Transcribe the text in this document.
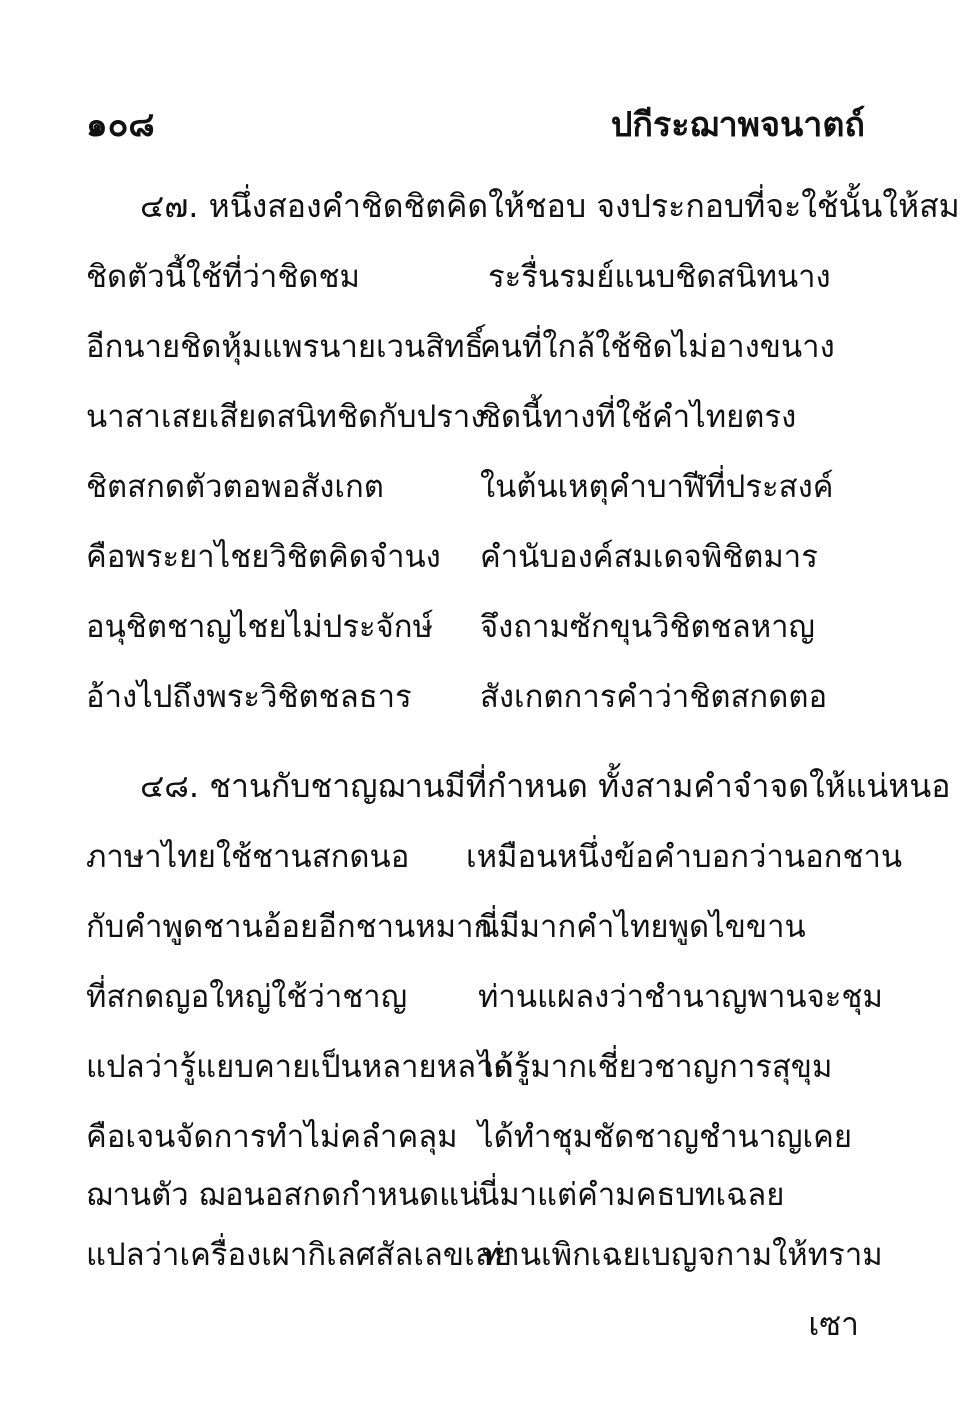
๑๐๘	ปกีระฌาพจนาตถ์
๔๗. หนึ่งสองคำชิดชิตคิดให้ชอบ จงประกอบที่จะใช้นั้นให้สม
ชิดตัวนี้ใช้ที่ว่าชิดชม	ระรื่นรมย์แนบชิดสนิทนาง
อีกนายชิดหุ้มแพรนายเวนสิทธิ์
คนที่ใกล้ใช้ชิดไม่อางขนาง
นาสาเสยเสียดสนิทชิดกับปราง
ชิดนี้ทางที่ใช้คำไทยตรง
ชิตสกดตัวตอพอสังเกต	ในต้นเหตุคำบาฬีที่ประสงค์
คือพระยาไชยวิชิตคิดจำนง คำนับองค์สมเดจพิชิตมาร
อนุชิตชาญไชยไม่ประจักษ์ จึงถามซักขุนวิชิตชลหาญ
อ้างไปถึงพระวิชิตชลธาร สังเกตการคำว่าชิตสกดตอ
๔๘. ชานกับชาญฌานมีที่กำหนด ทั้งสามคำจำจดให้แน่หนอ
ภาษาไทยใช้ชานสกดนอ เหมือนหนึ่งข้อคำบอกว่านอกชาน
กับคำพูดชานอ้อยอีกชานหมาก
นี่มีมากคำไทยพูดไขขาน
ที่สกดญอใหญ่ใช้ว่าชาญ ท่านแผลงว่าชำนาญพานจะชุม
แปลว่ารู้แยบคายเป็นหลายหลาก
ได้รู้มากเชี่ยวชาญการสุขุม
คือเจนจัดการทำไม่คลำคลุม ได้ทำชุมชัดชาญชำนาญเคย
ฌานตัว ฌอนอสกดกำหนดแน่
นี่มาแต่คำมคธบทเฉลย
แปลว่าเครื่องเผากิเลศสัลเลขเลย
ท่านเพิกเฉยเบญจกามให้ทราม
เซา
